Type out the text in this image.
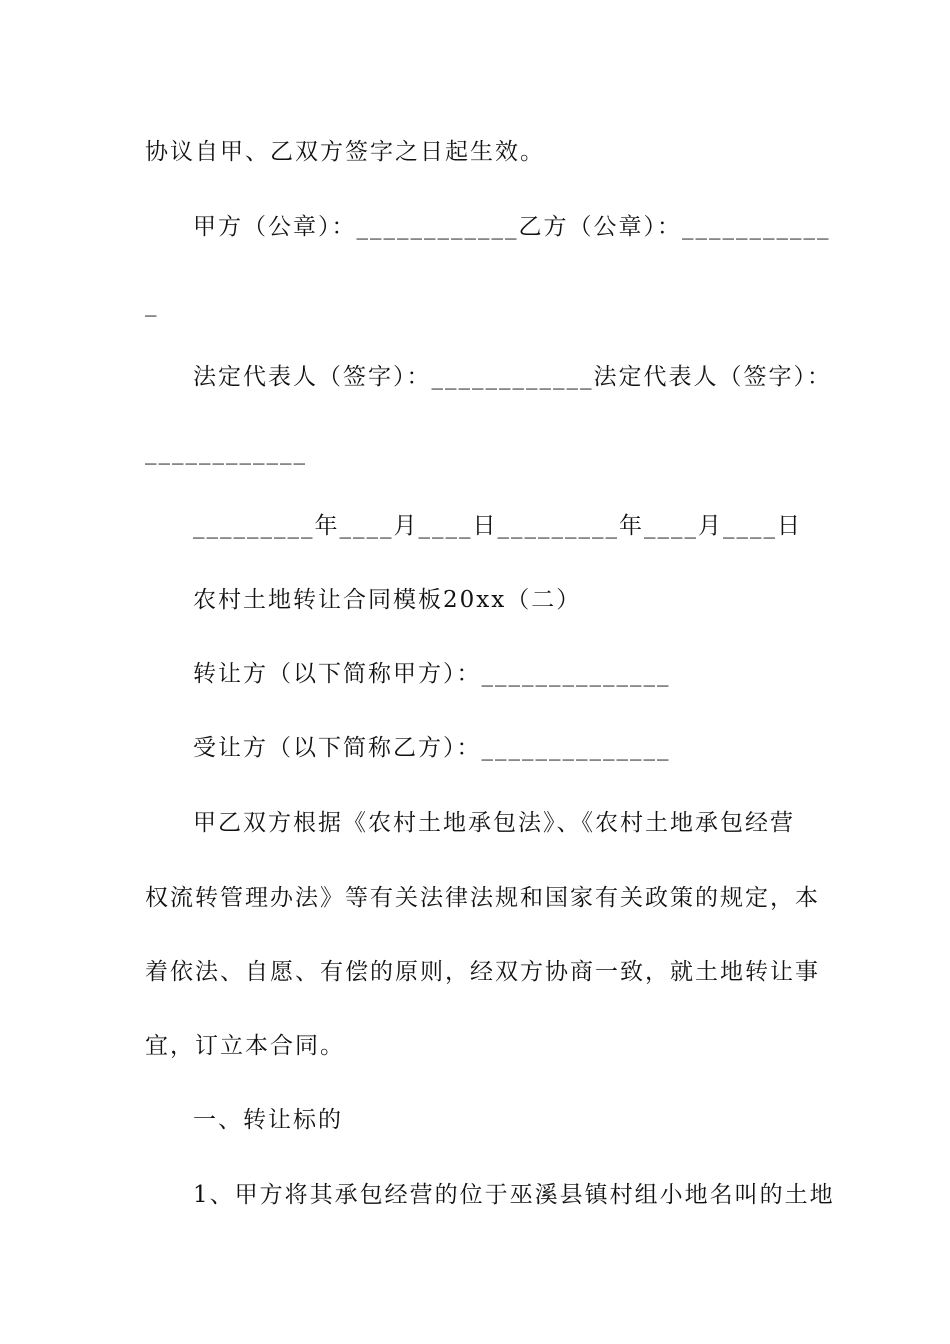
协议自甲、乙双方签字之日起生效。
甲方（公章）：____________乙方（公章）：___________
_
法定代表人（签字）：____________法定代表人（签字）：
____________
_________年____月____日_________年____月____日
农村土地转让合同模板20xx（二）
转让方（以下简称甲方）：______________
受让方（以下简称乙方）：______________
甲乙双方根据《农村土地承包法》、《农村土地承包经营
权流转管理办法》等有关法律法规和国家有关政策的规定，本
着依法、自愿、有偿的原则，经双方协商一致，就土地转让事
宜，订立本合同。
一、转让标的
1、甲方将其承包经营的位于巫溪县镇村组小地名叫的土地
